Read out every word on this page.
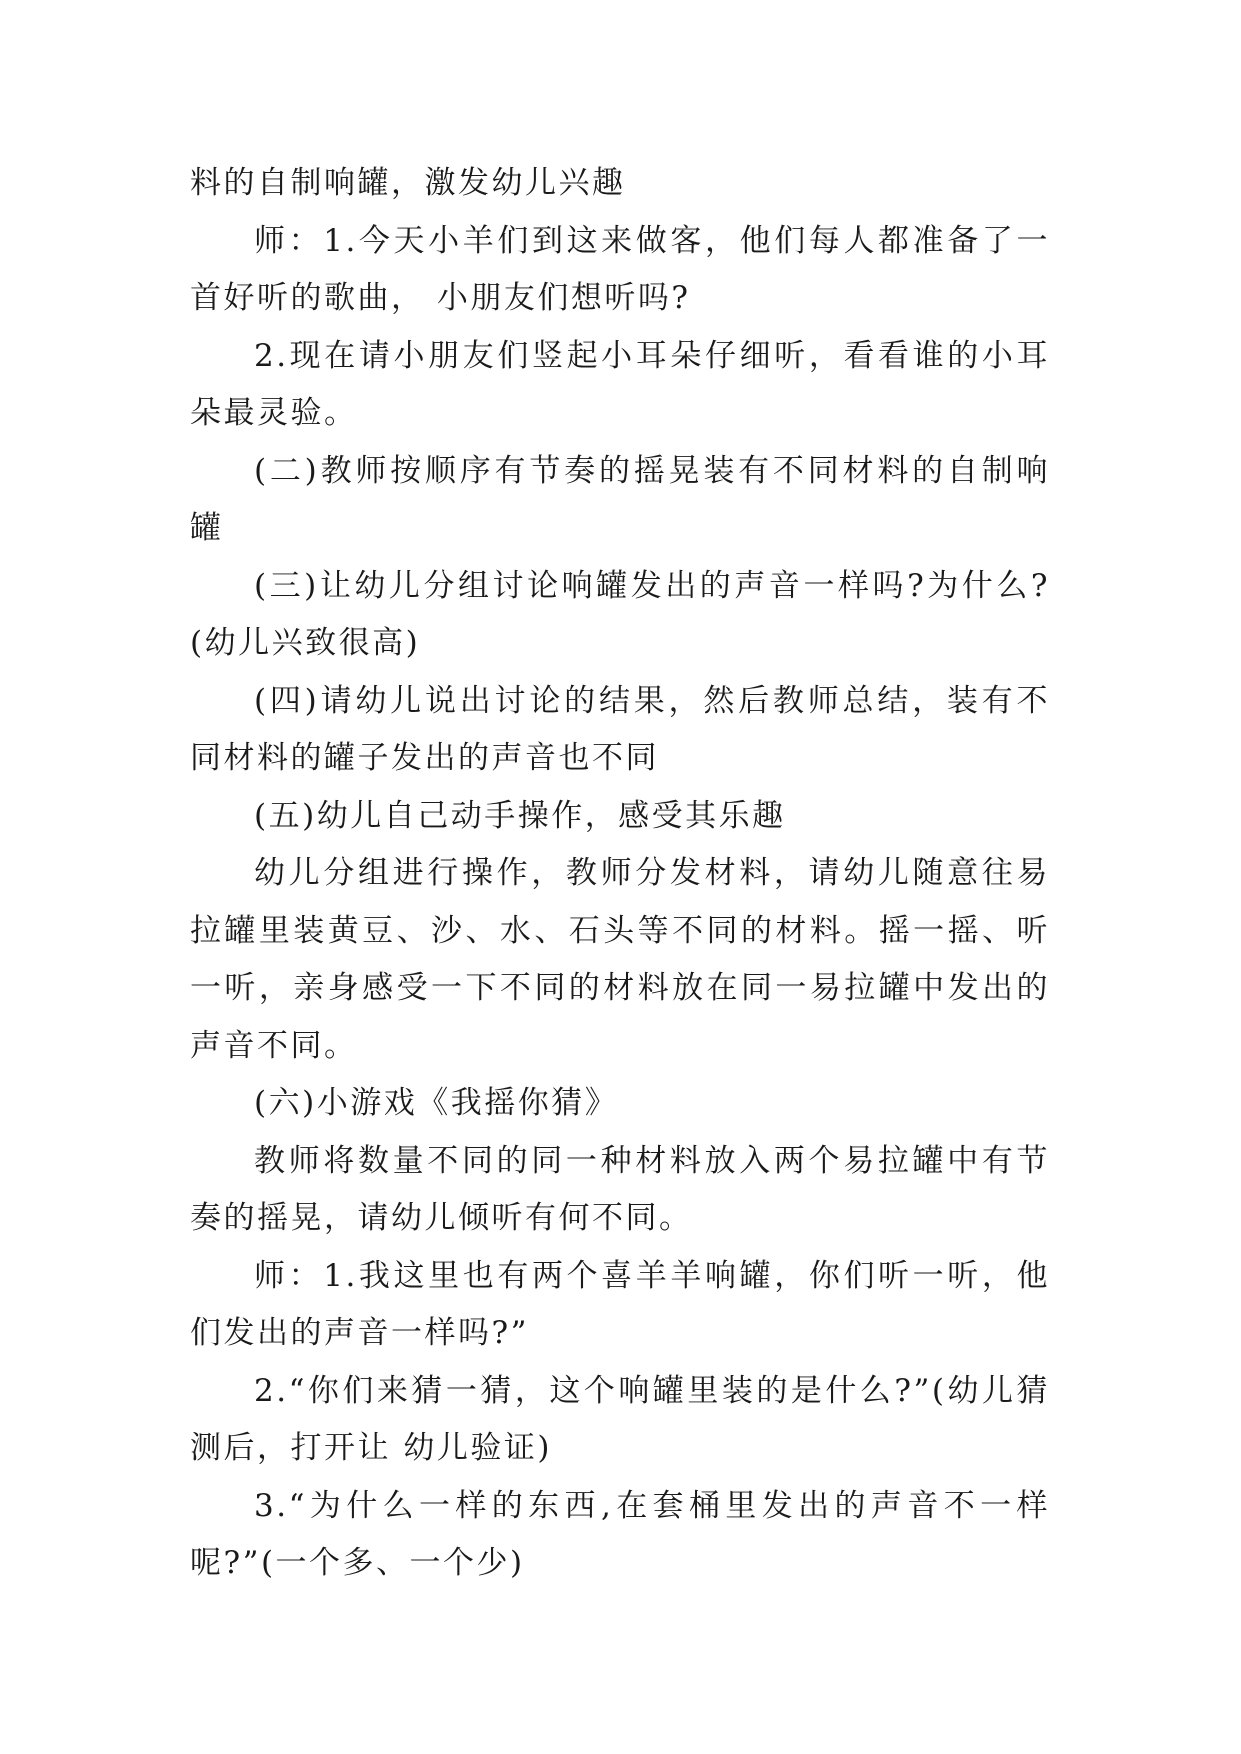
料的自制响罐，激发幼儿兴趣

师：1.今天小羊们到这来做客，他们每人都准备了一首好听的歌曲， 小朋友们想听吗?

2.现在请小朋友们竖起小耳朵仔细听，看看谁的小耳朵最灵验。

(二)教师按顺序有节奏的摇晃装有不同材料的自制响罐

(三)让幼儿分组讨论响罐发出的声音一样吗?为什么?(幼儿兴致很高)

(四)请幼儿说出讨论的结果，然后教师总结，装有不同材料的罐子发出的声音也不同

(五)幼儿自己动手操作，感受其乐趣

幼儿分组进行操作，教师分发材料，请幼儿随意往易拉罐里装黄豆、沙、水、石头等不同的材料。摇一摇、听一听，亲身感受一下不同的材料放在同一易拉罐中发出的声音不同。

(六)小游戏《我摇你猜》

教师将数量不同的同一种材料放入两个易拉罐中有节奏的摇晃，请幼儿倾听有何不同。

师：1.我这里也有两个喜羊羊响罐，你们听一听，他们发出的声音一样吗?”

2.“你们来猜一猜，这个响罐里装的是什么?”(幼儿猜测后，打开让 幼儿验证)

3.“为什么一样的东西,在套桶里发出的声音不一样呢?”(一个多、一个少)
